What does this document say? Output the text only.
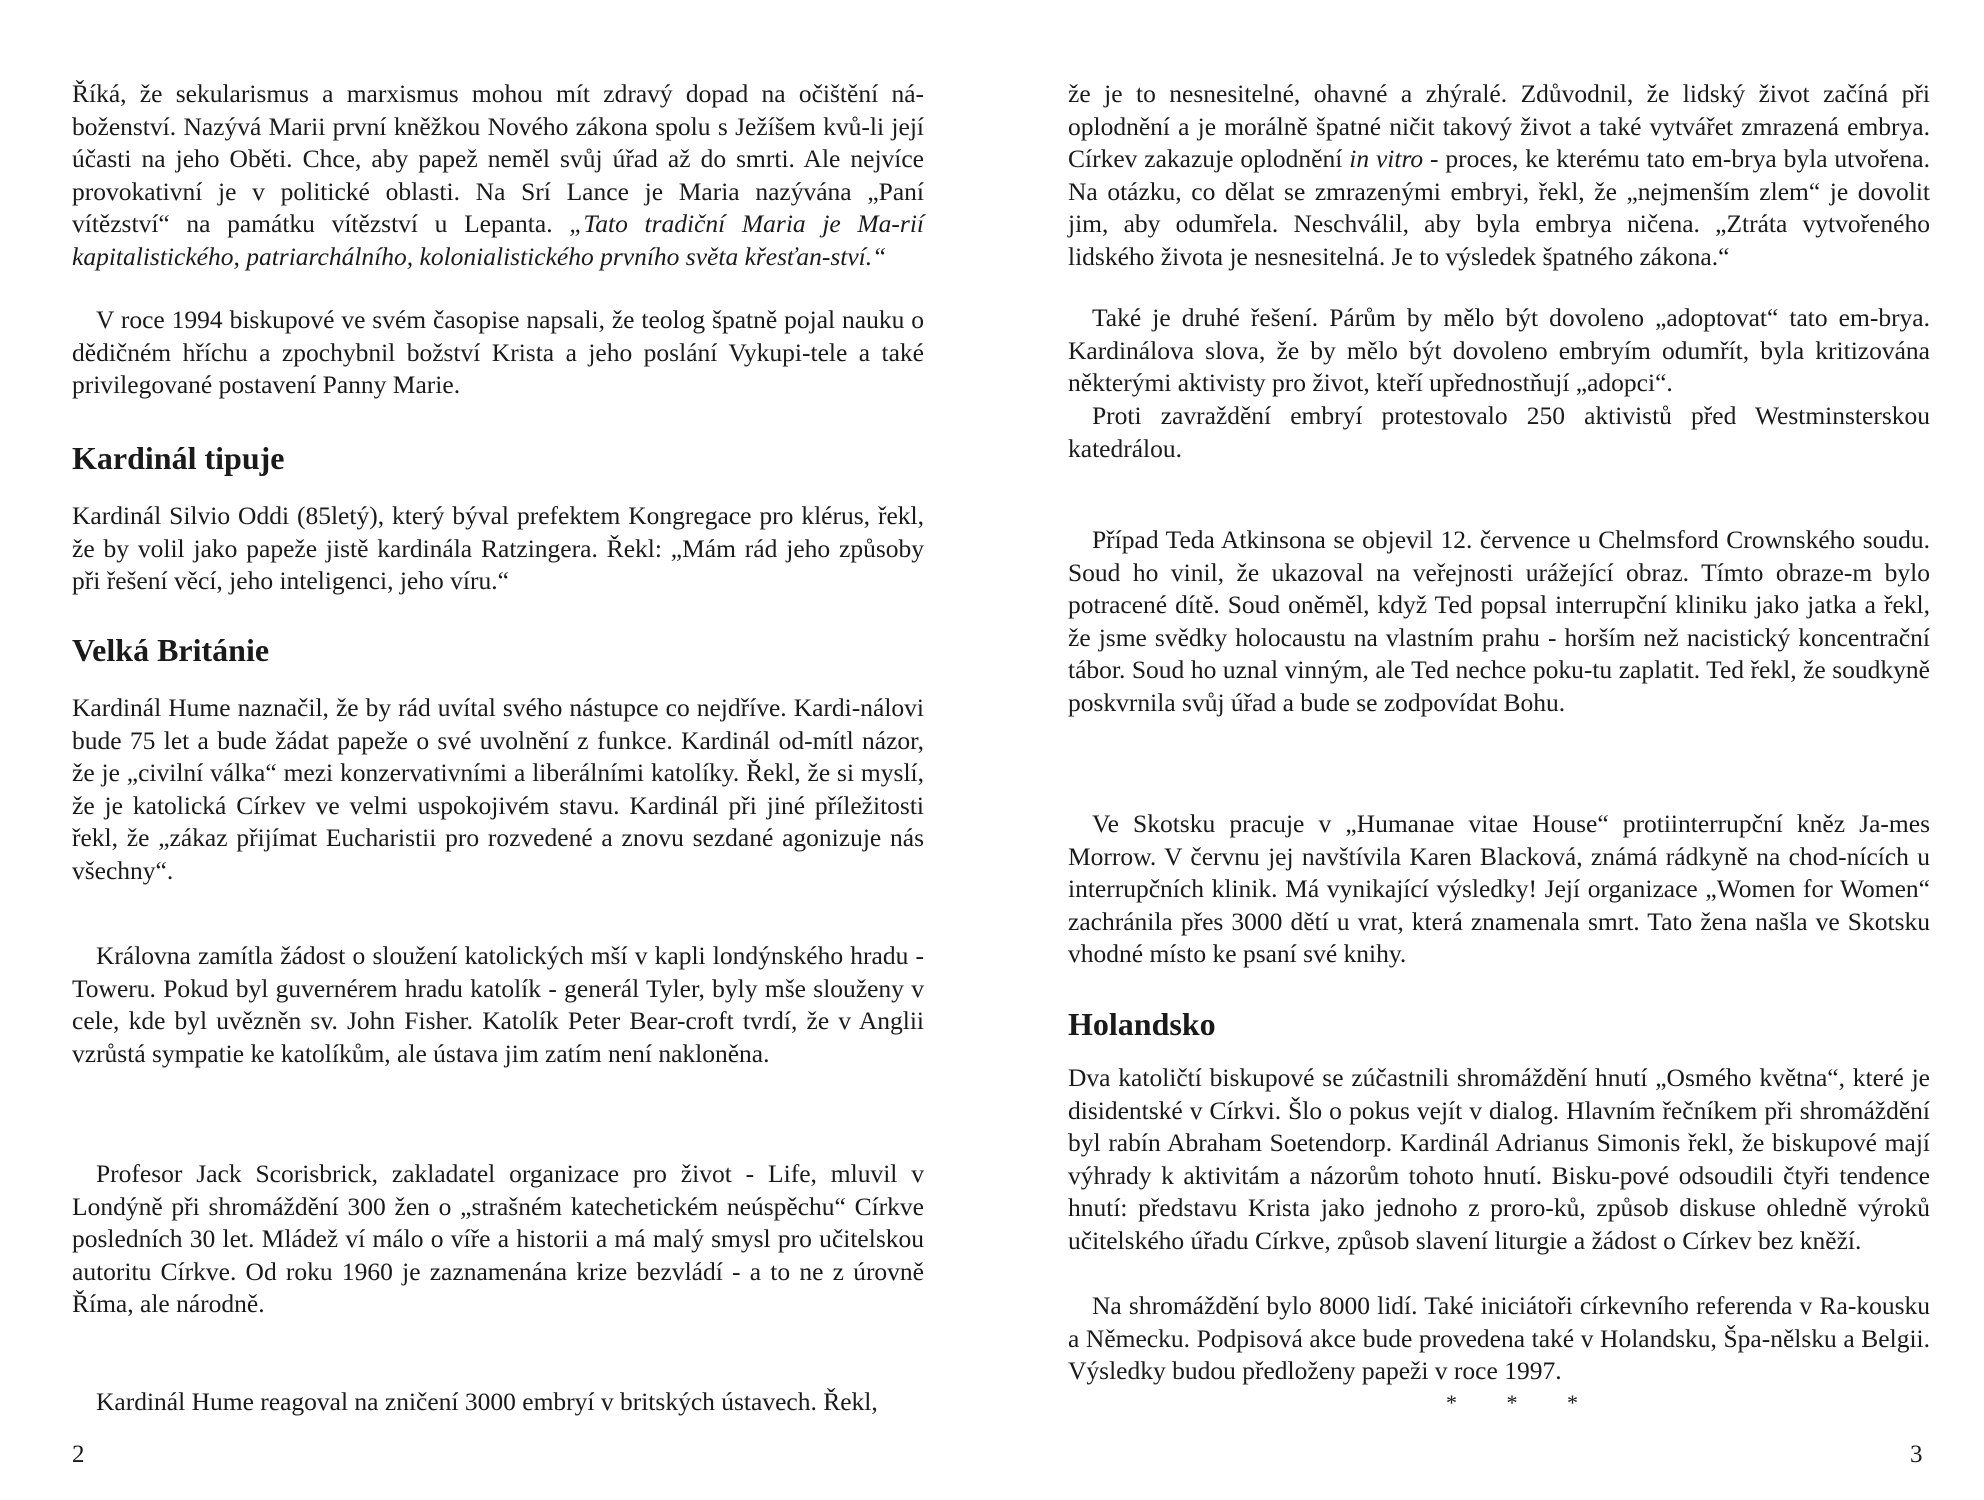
Říká, že sekularismus a marxismus mohou mít zdravý dopad na očištění ná-boženství. Nazývá Marii první kněžkou Nového zákona spolu s Ježíšem kvů-li její účasti na jeho Oběti. Chce, aby papež neměl svůj úřad až do smrti. Ale nejvíce provokativní je v politické oblasti. Na Srí Lance je Maria nazývána „Paní vítězství“ na památku vítězství u Lepanta. „Tato tradiční Maria je Ma-rií kapitalistického, patriarchálního, kolonialistického prvního světa křesťan-ství.“

V roce 1994 biskupové ve svém časopise napsali, že teolog špatně pojal nauku o dědičném hříchu a zpochybnil božství Krista a jeho poslání Vykupi-tele a také privilegované postavení Panny Marie.

Kardinál tipuje

Kardinál Silvio Oddi (85letý), který býval prefektem Kongregace pro klérus, řekl, že by volil jako papeže jistě kardinála Ratzingera. Řekl: „Mám rád jeho způsoby při řešení věcí, jeho inteligenci, jeho víru.“

Velká Británie

Kardinál Hume naznačil, že by rád uvítal svého nástupce co nejdříve. Kardi-nálovi bude 75 let a bude žádat papeže o své uvolnění z funkce. Kardinál od-mítl názor, že je „civilní válka“ mezi konzervativními a liberálními katolíky. Řekl, že si myslí, že je katolická Církev ve velmi uspokojivém stavu. Kardinál při jiné příležitosti řekl, že „zákaz přijímat Eucharistii pro rozvedené a znovu sezdané agonizuje nás všechny“.

Královna zamítla žádost o sloužení katolických mší v kapli londýnského hradu - Toweru. Pokud byl guvernérem hradu katolík - generál Tyler, byly mše slouženy v cele, kde byl uvězněn sv. John Fisher. Katolík Peter Bear-croft tvrdí, že v Anglii vzrůstá sympatie ke katolíkům, ale ústava jim zatím není nakloněna.

Profesor Jack Scorisbrick, zakladatel organizace pro život - Life, mluvil v Londýně při shromáždění 300 žen o „strašném katechetickém neúspěchu“ Církve posledních 30 let. Mládež ví málo o víře a historii a má malý smysl pro učitelskou autoritu Církve. Od roku 1960 je zaznamenána krize bezvládí - a to ne z úrovně Říma, ale národně.

Kardinál Hume reagoval na zničení 3000 embryí v britských ústavech. Řekl,

2

že je to nesnesitelné, ohavné a zhýralé. Zdůvodnil, že lidský život začíná při oplodnění a je morálně špatné ničit takový život a také vytvářet zmrazená embrya. Církev zakazuje oplodnění in vitro - proces, ke kterému tato em-brya byla utvořena. Na otázku, co dělat se zmrazenými embryi, řekl, že „nejmenším zlem“ je dovolit jim, aby odumřela. Neschválil, aby byla embrya ničena. „Ztráta vytvořeného lidského života je nesnesitelná. Je to výsledek špatného zákona.“

Také je druhé řešení. Párům by mělo být dovoleno „adoptovat“ tato em-brya. Kardinálova slova, že by mělo být dovoleno embryím odumřít, byla kritizována některými aktivisty pro život, kteří upřednostňují „adopci“.

Proti zavraždění embryí protestovalo 250 aktivistů před Westminsterskou katedrálou.

Případ Teda Atkinsona se objevil 12. července u Chelmsford Crownského soudu. Soud ho vinil, že ukazoval na veřejnosti urážející obraz. Tímto obraze-m bylo potracené dítě. Soud oněměl, když Ted popsal interrupční kliniku jako jatka a řekl, že jsme svědky holocaustu na vlastním prahu - horším než nacistický koncentrační tábor. Soud ho uznal vinným, ale Ted nechce poku-tu zaplatit. Ted řekl, že soudkyně poskvrnila svůj úřad a bude se zodpovídat Bohu.

Ve Skotsku pracuje v „Humanae vitae House“ protiinterrupční kněz Ja-mes Morrow. V červnu jej navštívila Karen Blacková, známá rádkyně na chod-nících u interrupčních klinik. Má vynikající výsledky! Její organizace „Women for Women“ zachránila přes 3000 dětí u vrat, která znamenala smrt. Tato žena našla ve Skotsku vhodné místo ke psaní své knihy.

Holandsko

Dva katoličtí biskupové se zúčastnili shromáždění hnutí „Osmého května“, které je disidentské v Církvi. Šlo o pokus vejít v dialog. Hlavním řečníkem při shromáždění byl rabín Abraham Soetendorp. Kardinál Adrianus Simonis řekl, že biskupové mají výhrady k aktivitám a názorům tohoto hnutí. Bisku-pové odsoudili čtyři tendence hnutí: představu Krista jako jednoho z proro-ků, způsob diskuse ohledně výroků učitelského úřadu Církve, způsob slavení liturgie a žádost o Církev bez kněží.

Na shromáždění bylo 8000 lidí. Také iniciátoři církevního referenda v Ra-kousku a Německu. Podpisová akce bude provedena také v Holandsku, Špa-nělsku a Belgii. Výsledky budou předloženy papeži v roce 1997.

* * *
3
